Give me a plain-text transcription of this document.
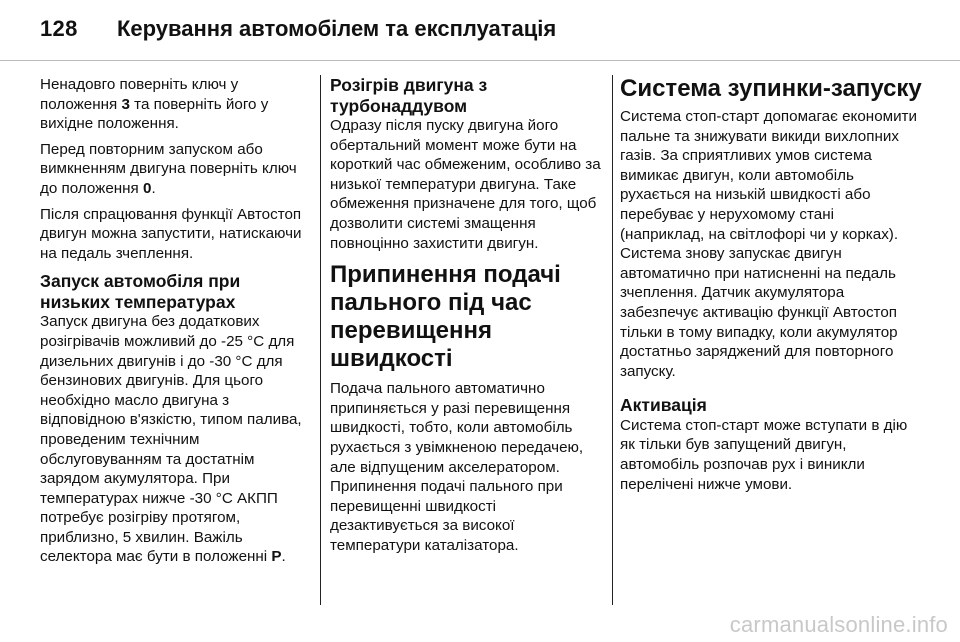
128 Керування автомобілем та експлуатація

Ненадовго поверніть ключ у положення 3 та поверніть його у вихідне положення.

Перед повторним запуском або вимкненням двигуна поверніть ключ до положення 0.

Після спрацювання функції Автостоп двигун можна запустити, натискаючи на педаль зчеплення.

Запуск автомобіля при низьких температурах

Запуск двигуна без додаткових розігрівачів можливий до -25 °C для дизельних двигунів і до -30 °C для бензинових двигунів. Для цього необхідно масло двигуна з відповідною в'язкістю, типом палива, проведеним технічним обслуговуванням та достатнім зарядом акумулятора. При температурах нижче -30 °C АКПП потребує розігріву протягом, приблизно, 5 хвилин. Важіль селектора має бути в положенні P.

Розігрів двигуна з турбонаддувом

Одразу після пуску двигуна його обертальний момент може бути на короткий час обмеженим, особливо за низької температури двигуна. Таке обмеження призначене для того, щоб дозволити системі змащення повноцінно захистити двигун.

Припинення подачі пального під час перевищення швидкості

Подача пального автоматично припиняється у разі перевищення швидкості, тобто, коли автомобіль рухається з увімкненою передачею, але відпущеним акселератором. Припинення подачі пального при перевищенні швидкості дезактивується за високої температури каталізатора.

Система зупинки-запуску

Система стоп-старт допомагає економити пальне та знижувати викиди вихлопних газів. За сприятливих умов система вимикає двигун, коли автомобіль рухається на низькій швидкості або перебуває у нерухомому стані (наприклад, на світлофорі чи у корках). Система знову запускає двигун автоматично при натисненні на педаль зчеплення. Датчик акумулятора забезпечує активацію функції Автостоп тільки в тому випадку, коли акумулятор достатньо заряджений для повторного запуску.

Активація

Система стоп-старт може вступати в дію як тільки був запущений двигун, автомобіль розпочав рух і виникли перелічені нижче умови.

carmanualsonline.info
